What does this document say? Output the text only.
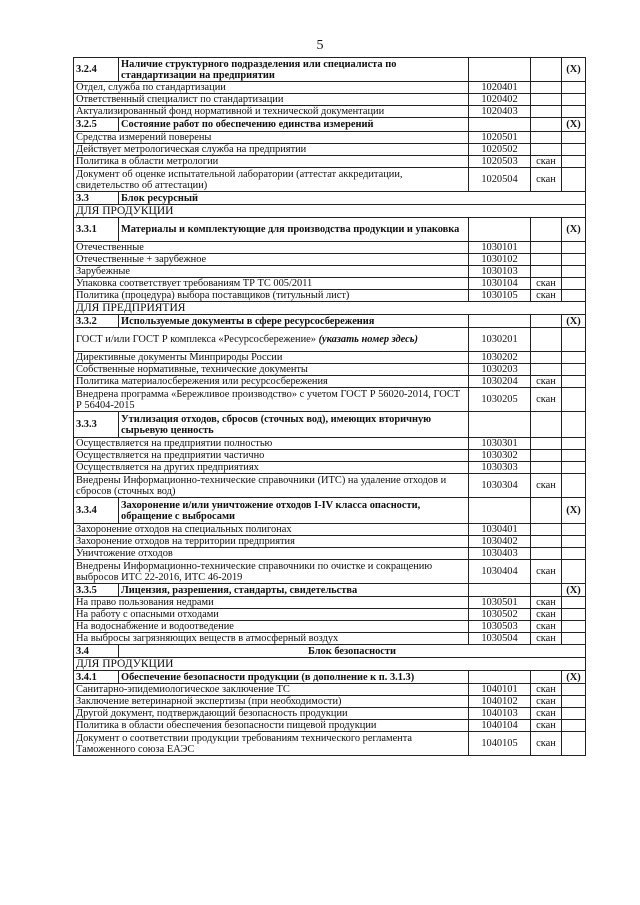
5
3.2.4	Наличие структурного подразделения или специалиста по стандартизации на предприятии			(X)
Отдел, служба по стандартизации		1020401		
Ответственный специалист по стандартизации		1020402		
Актуализированный фонд нормативной и технической документации		1020403		
3.2.5	Состояние работ по обеспечению единства измерений			(X)
Средства измерений поверены		1020501		
Действует метрологическая служба на предприятии		1020502		
Политика в области метрологии		1020503	скан	
Документ об оценке испытательной лаборатории (аттестат аккредитации, свидетельство об аттестации)		1020504	скан	
3.3	Блок ресурсный			
ДЛЯ ПРОДУКЦИИ				
3.3.1	Материалы и комплектующие для производства продукции и упаковка			(X)
Отечественные		1030101		
Отечественные + зарубежное		1030102		
Зарубежные		1030103		
Упаковка соответствует требованиям ТР ТС 005/2011		1030104	скан	
Политика (процедура) выбора поставщиков (титульный лист)		1030105	скан	
ДЛЯ ПРЕДПРИЯТИЯ				
3.3.2	Используемые документы в сфере ресурсосбережения			(X)
ГОСТ и/или ГОСТ Р комплекса «Ресурсосбережение» (указать номер здесь)		1030201		
Директивные документы Минприроды России		1030202		
Собственные нормативные, технические документы		1030203		
Политика материалосбережения или ресурсосбережения		1030204	скан	
Внедрена программа «Бережливое производство» с учетом ГОСТ Р 56020-2014, ГОСТ Р 56404-2015		1030205	скан	
3.3.3	Утилизация отходов, сбросов (сточных вод), имеющих вторичную сырьевую ценность			
Осуществляется на предприятии полностью		1030301		
Осуществляется на предприятии частично		1030302		
Осуществляется на других предприятиях		1030303		
Внедрены Информационно-технические справочники (ИТС) на удаление отходов и сбросов (сточных вод)		1030304	скан	
3.3.4	Захоронение и/или уничтожение отходов I-IV класса опасности, обращение с выбросами			(X)
Захоронение отходов на специальных полигонах		1030401		
Захоронение отходов на территории предприятия		1030402		
Уничтожение отходов		1030403		
Внедрены Информационно-технические справочники по очистке и сокращению выбросов ИТС 22-2016, ИТС 46-2019		1030404	скан	
3.3.5	Лицензия, разрешения, стандарты, свидетельства			(X)
На право пользования недрами		1030501	скан	
На работу с опасными отходами		1030502	скан	
На водоснабжение и водоотведение		1030503	скан	
На выбросы загрязняющих веществ в атмосферный воздух		1030504	скан	
3.4	Блок безопасности			
ДЛЯ ПРОДУКЦИИ				
3.4.1	Обеспечение безопасности продукции (в дополнение к п. 3.1.3)			(X)
Санитарно-эпидемиологическое заключение ТС		1040101	скан	
Заключение ветеринарной экспертизы (при необходимости)		1040102	скан	
Другой документ, подтверждающий безопасность продукции		1040103	скан	
Политика в области обеспечения безопасности пищевой продукции		1040104	скан	
Документ о соответствии продукции требованиям технического регламента Таможенного союза ЕАЭС		1040105	скан	
